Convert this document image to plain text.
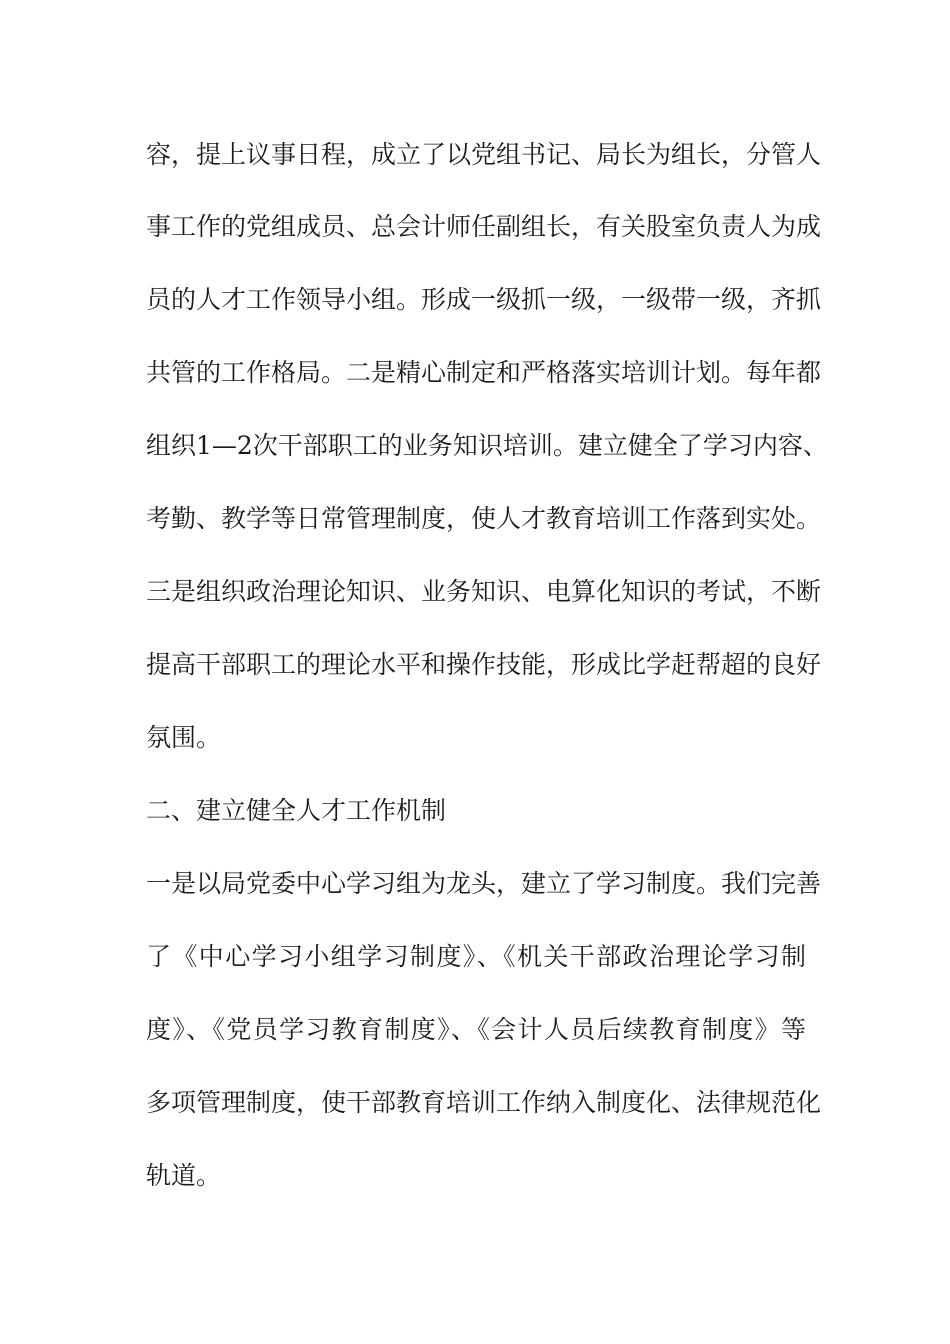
容，提上议事日程，成立了以党组书记、局长为组长，分管人
事工作的党组成员、总会计师任副组长，有关股室负责人为成
员的人才工作领导小组。形成一级抓一级，一级带一级，齐抓
共管的工作格局。二是精心制定和严格落实培训计划。每年都
组织1—2次干部职工的业务知识培训。建立健全了学习内容、
考勤、教学等日常管理制度，使人才教育培训工作落到实处。
三是组织政治理论知识、业务知识、电算化知识的考试，不断
提高干部职工的理论水平和操作技能，形成比学赶帮超的良好
氛围。
二、建立健全人才工作机制
一是以局党委中心学习组为龙头，建立了学习制度。我们完善
了《中心学习小组学习制度》、《机关干部政治理论学习制
度》、《党员学习教育制度》、《会计人员后续教育制度》等
多项管理制度，使干部教育培训工作纳入制度化、法律规范化
轨道。
